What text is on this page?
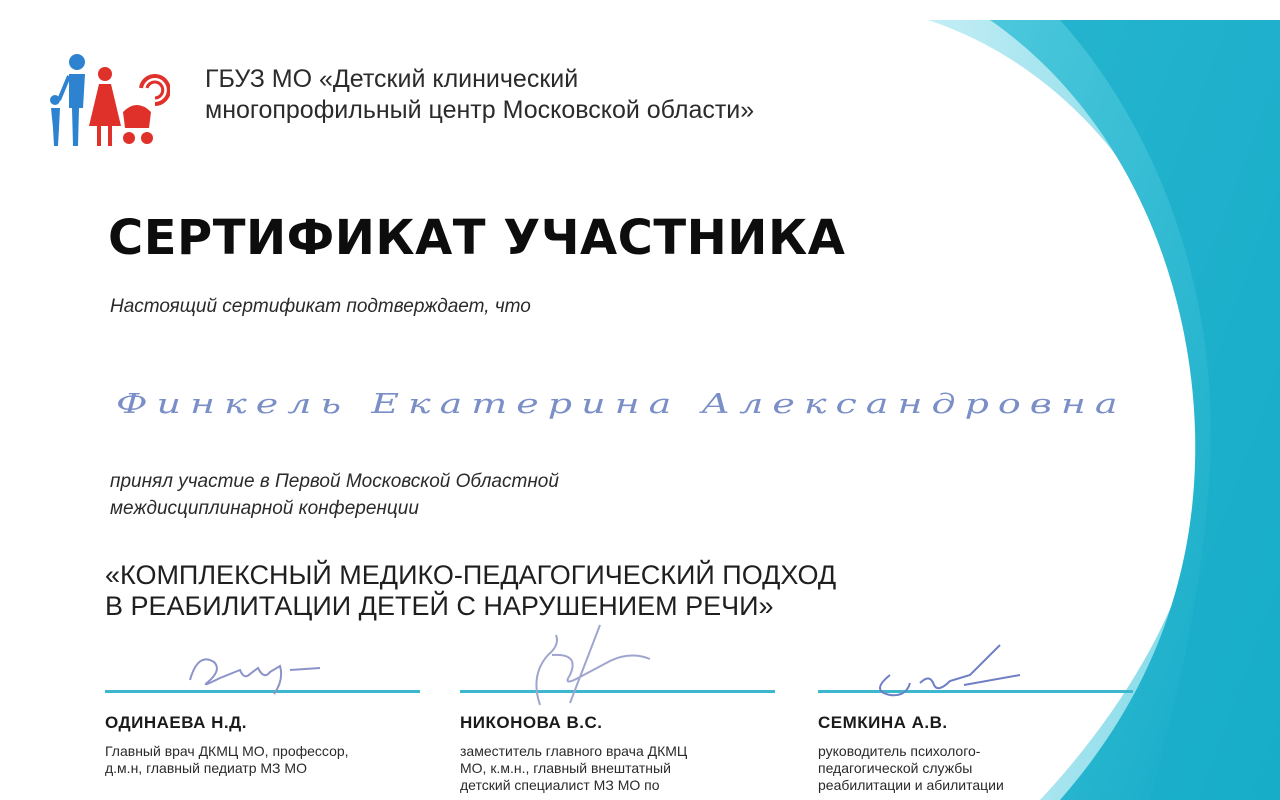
ГБУЗ МО «Детский клинический
многопрофильный центр Московской области»
СЕРТИФИКАТ УЧАСТНИКА
Настоящий сертификат подтверждает, что
Финкель Екатерина Александровна
принял участие в Первой Московской Областной
междисциплинарной конференции
«КОМПЛЕКСНЫЙ МЕДИКО-ПЕДАГОГИЧЕСКИЙ ПОДХОД
В РЕАБИЛИТАЦИИ ДЕТЕЙ С НАРУШЕНИЕМ РЕЧИ»
ОДИНАЕВА Н.Д.
Главный врач ДКМЦ МО, профессор,
д.м.н, главный педиатр МЗ МО
НИКОНОВА В.С.
заместитель главного врача ДКМЦ
МО, к.м.н., главный внештатный
детский специалист МЗ МО по
СЕМКИНА А.В.
руководитель психолого-
педагогической службы
реабилитации и абилитации
